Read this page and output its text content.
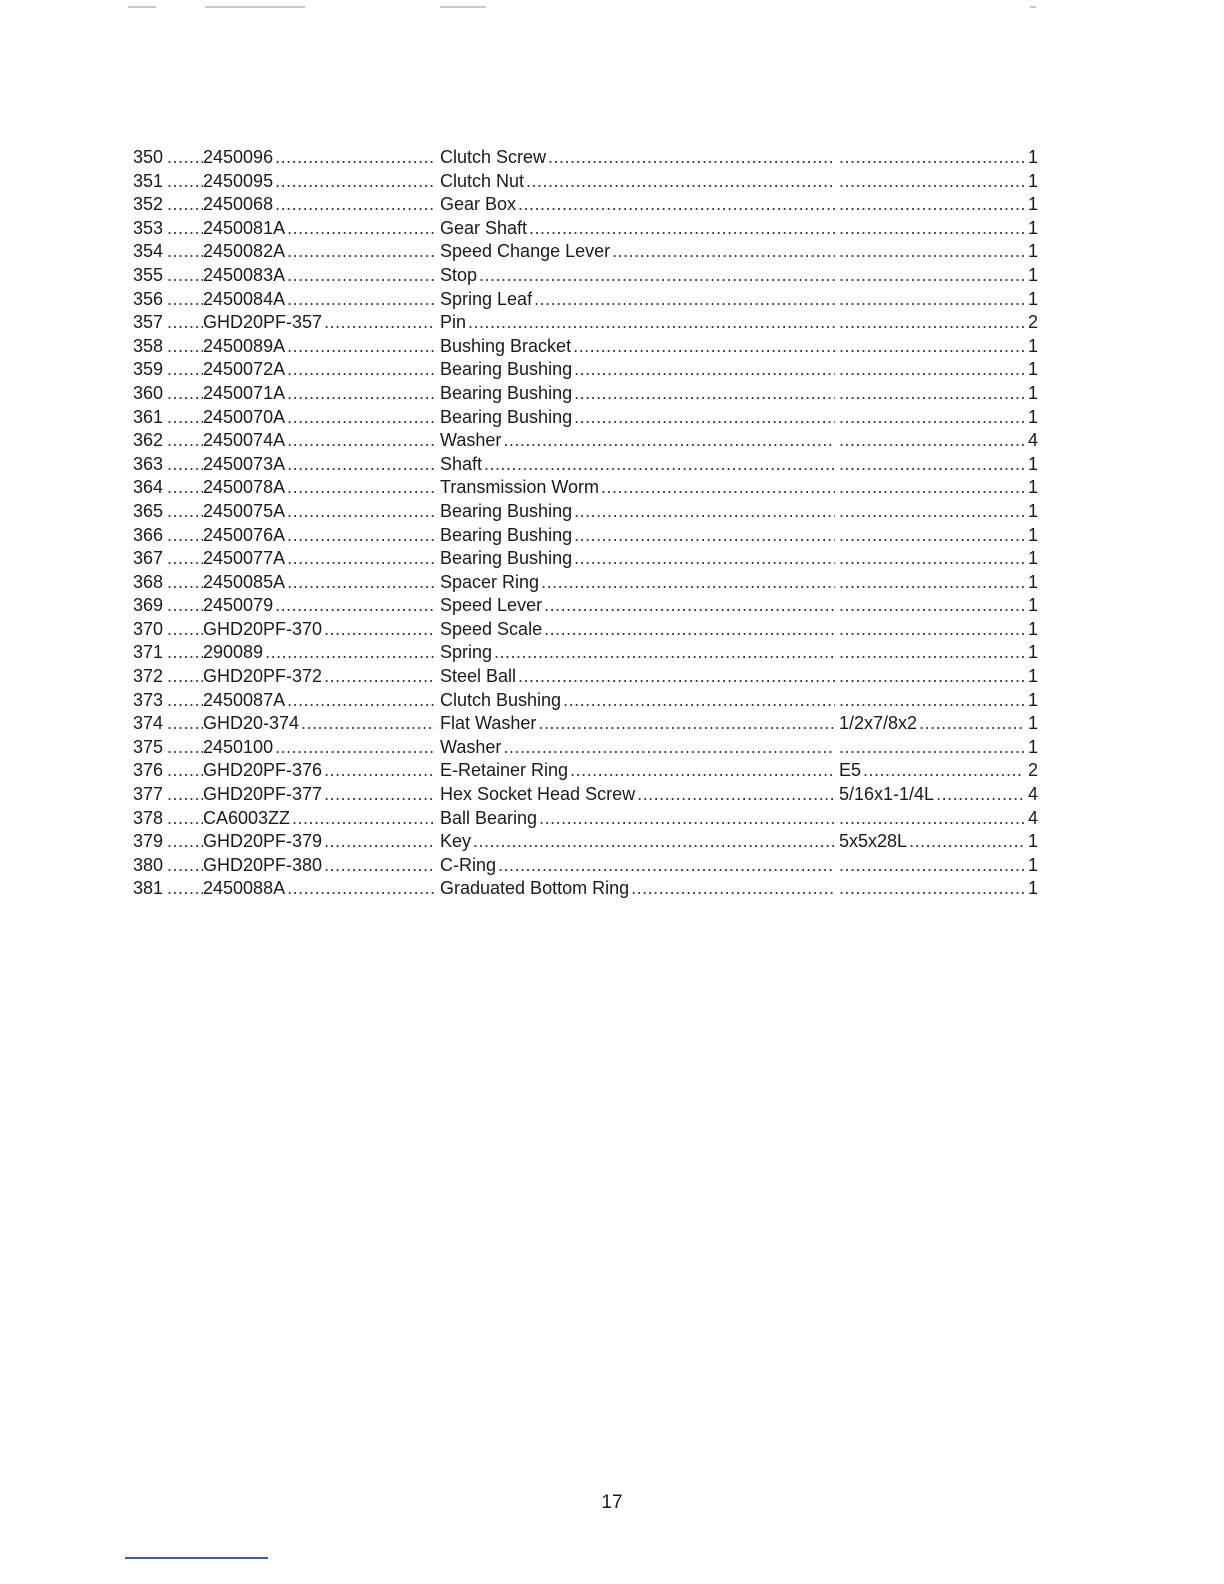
350 .....	2450096 .....	Clutch Screw ..... .....	1
351 .....	2450095 .....	Clutch Nut ..... .....	1
352 .....	2450068 .....	Gear Box ..... .....	1
353 .....	2450081A .....	Gear Shaft ..... .....	1
354 .....	2450082A .....	Speed Change Lever ..... .....	1
355 .....	2450083A .....	Stop ..... .....	1
356 .....	2450084A .....	Spring Leaf ..... .....	1
357 .....	GHD20PF-357 .....	Pin ..... .....	2
358 .....	2450089A .....	Bushing Bracket ..... .....	1
359 .....	2450072A .....	Bearing Bushing ..... .....	1
360 .....	2450071A .....	Bearing Bushing ..... .....	1
361 .....	2450070A .....	Bearing Bushing ..... .....	1
362 .....	2450074A .....	Washer ..... .....	4
363 .....	2450073A .....	Shaft ..... .....	1
364 .....	2450078A .....	Transmission Worm ..... .....	1
365 .....	2450075A .....	Bearing Bushing ..... .....	1
366 .....	2450076A .....	Bearing Bushing ..... .....	1
367 .....	2450077A .....	Bearing Bushing ..... .....	1
368 .....	2450085A .....	Spacer Ring ..... .....	1
369 .....	2450079 .....	Speed Lever ..... .....	1
370 .....	GHD20PF-370 .....	Speed Scale ..... .....	1
371 .....	290089 .....	Spring ..... .....	1
372 .....	GHD20PF-372 .....	Steel Ball ..... .....	1
373 .....	2450087A .....	Clutch Bushing ..... .....	1
374 .....	GHD20-374 .....	Flat Washer .....	1/2x7/8x2 .....	1
375 .....	2450100 .....	Washer ..... .....	1
376 .....	GHD20PF-376 .....	E-Retainer Ring .....	E5 .....	2
377 .....	GHD20PF-377 .....	Hex Socket Head Screw .....	5/16x1-1/4L .....	4
378 .....	CA6003ZZ .....	Ball Bearing ..... .....	4
379 .....	GHD20PF-379 .....	Key .....	5x5x28L .....	1
380 .....	GHD20PF-380 .....	C-Ring ..... .....	1
381 .....	2450088A .....	Graduated Bottom Ring ..... .....	1
17
